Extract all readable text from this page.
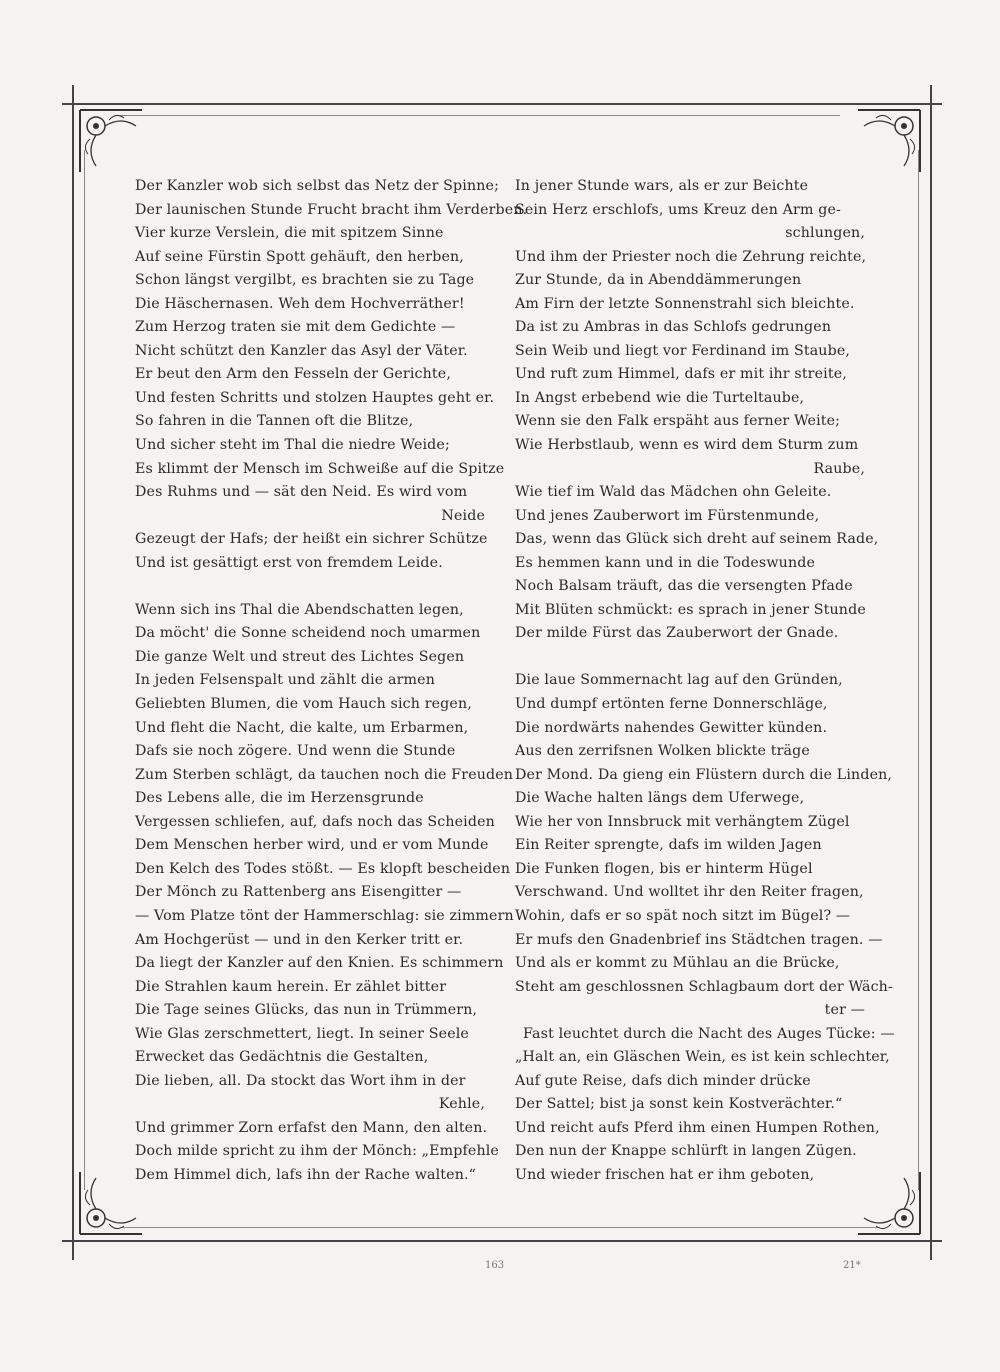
Der Kanzler wob sich selbst das Netz der Spinne;
Der launischen Stunde Frucht bracht ihm Verderben.
Vier kurze Verslein, die mit spitzem Sinne
Auf seine Fürstin Spott gehäuft, den herben,
Schon längst vergilbt, es brachten sie zu Tage
Die Häschernasen. Weh dem Hochverräther!
Zum Herzog traten sie mit dem Gedichte —
Nicht schützt den Kanzler das Asyl der Väter.
Er beut den Arm den Fesseln der Gerichte,
Und festen Schritts und stolzen Hauptes geht er.
So fahren in die Tannen oft die Blitze,
Und sicher steht im Thal die niedre Weide;
Es klimmt der Mensch im Schweiße auf die Spitze
Des Ruhms und — sät den Neid. Es wird vom
Neide
Gezeugt der Hafs; der heißt ein sichrer Schütze
Und ist gesättigt erst von fremdem Leide.
Wenn sich ins Thal die Abendschatten legen,
Da möcht' die Sonne scheidend noch umarmen
Die ganze Welt und streut des Lichtes Segen
In jeden Felsenspalt und zählt die armen
Geliebten Blumen, die vom Hauch sich regen,
Und fleht die Nacht, die kalte, um Erbarmen,
Dafs sie noch zögere. Und wenn die Stunde
Zum Sterben schlägt, da tauchen noch die Freuden
Des Lebens alle, die im Herzensgrunde
Vergessen schliefen, auf, dafs noch das Scheiden
Dem Menschen herber wird, und er vom Munde
Den Kelch des Todes stößt. — Es klopft bescheiden
Der Mönch zu Rattenberg ans Eisengitter —
— Vom Platze tönt der Hammerschlag: sie zimmern
Am Hochgerüst — und in den Kerker tritt er.
Da liegt der Kanzler auf den Knien. Es schimmern
Die Strahlen kaum herein. Er zählet bitter
Die Tage seines Glücks, das nun in Trümmern,
Wie Glas zerschmettert, liegt. In seiner Seele
Erwecket das Gedächtnis die Gestalten,
Die lieben, all. Da stockt das Wort ihm in der
Kehle,
Und grimmer Zorn erfafst den Mann, den alten.
Doch milde spricht zu ihm der Mönch: „Empfehle
Dem Himmel dich, lafs ihn der Rache walten.“
In jener Stunde wars, als er zur Beichte
Sein Herz erschlofs, ums Kreuz den Arm ge-
schlungen,
Und ihm der Priester noch die Zehrung reichte,
Zur Stunde, da in Abenddämmerungen
Am Firn der letzte Sonnenstrahl sich bleichte.
Da ist zu Ambras in das Schlofs gedrungen
Sein Weib und liegt vor Ferdinand im Staube,
Und ruft zum Himmel, dafs er mit ihr streite,
In Angst erbebend wie die Turteltaube,
Wenn sie den Falk erspäht aus ferner Weite;
Wie Herbstlaub, wenn es wird dem Sturm zum
Raube,
Wie tief im Wald das Mädchen ohn Geleite.
Und jenes Zauberwort im Fürstenmunde,
Das, wenn das Glück sich dreht auf seinem Rade,
Es hemmen kann und in die Todeswunde
Noch Balsam träuft, das die versengten Pfade
Mit Blüten schmückt: es sprach in jener Stunde
Der milde Fürst das Zauberwort der Gnade.
Die laue Sommernacht lag auf den Gründen,
Und dumpf ertönten ferne Donnerschläge,
Die nordwärts nahendes Gewitter künden.
Aus den zerrifsnen Wolken blickte träge
Der Mond. Da gieng ein Flüstern durch die Linden,
Die Wache halten längs dem Uferwege,
Wie her von Innsbruck mit verhängtem Zügel
Ein Reiter sprengte, dafs im wilden Jagen
Die Funken flogen, bis er hinterm Hügel
Verschwand. Und wolltet ihr den Reiter fragen,
Wohin, dafs er so spät noch sitzt im Bügel? —
Er mufs den Gnadenbrief ins Städtchen tragen. —
Und als er kommt zu Mühlau an die Brücke,
Steht am geschlossnen Schlagbaum dort der Wäch-
ter —
Fast leuchtet durch die Nacht des Auges Tücke: —
„Halt an, ein Gläschen Wein, es ist kein schlechter,
Auf gute Reise, dafs dich minder drücke
Der Sattel; bist ja sonst kein Kostverächter.“
Und reicht aufs Pferd ihm einen Humpen Rothen,
Den nun der Knappe schlürft in langen Zügen.
Und wieder frischen hat er ihm geboten,
163	21*
